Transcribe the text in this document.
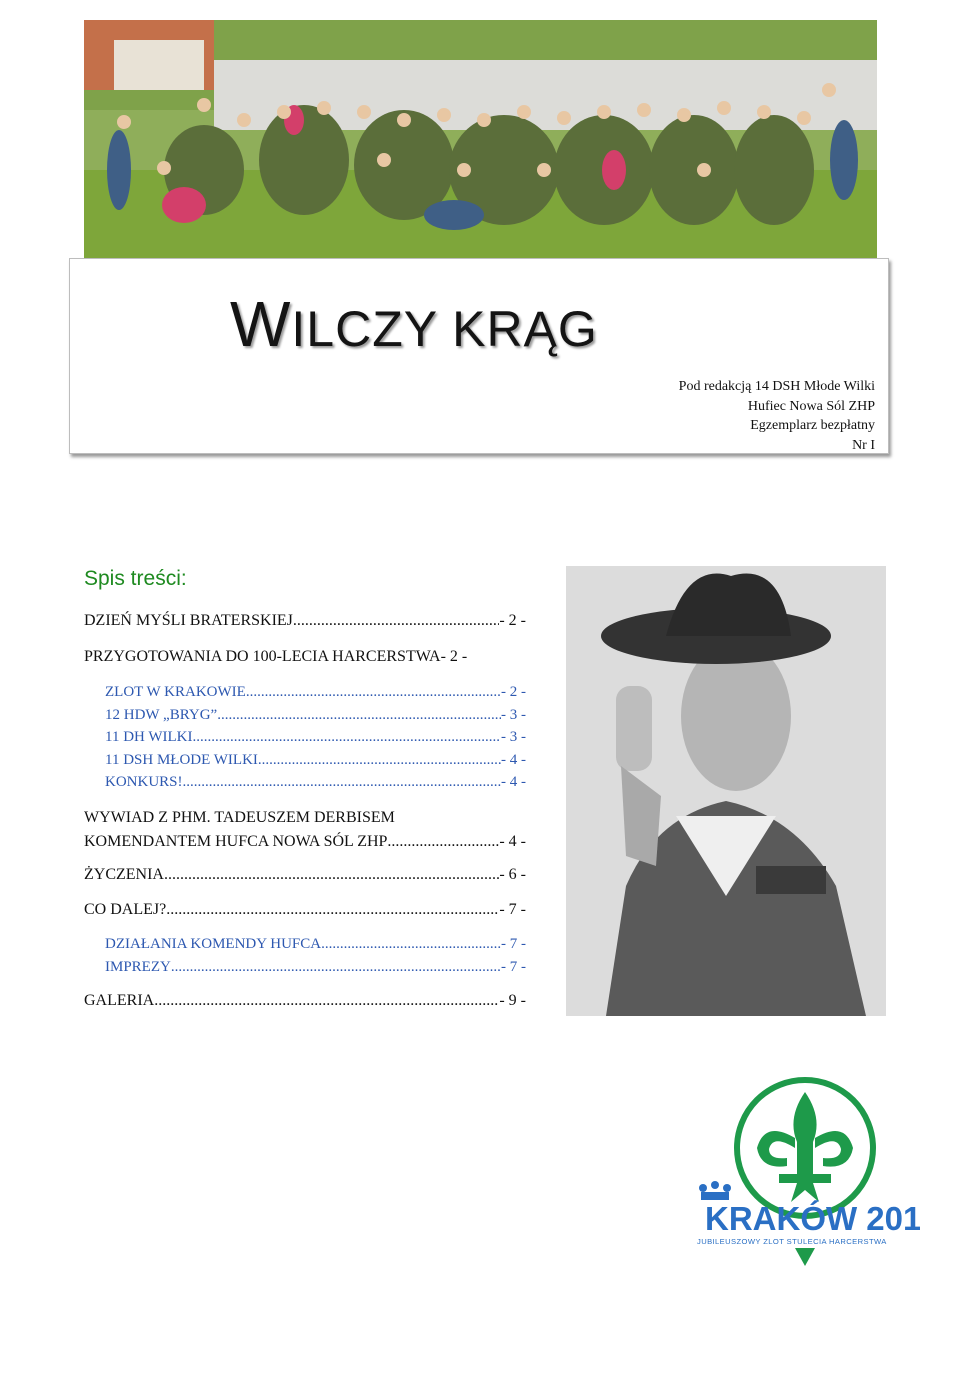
WILCZY KRĄG
Pod redakcją 14 DSH Młode Wilki
Hufiec Nowa Sól ZHP
Egzemplarz bezpłatny
Nr I
Spis treści:
DZIEŃ MYŚLI BRATERSKIEJ .....	- 2 -
PRZYGOTOWANIA DO 100-LECIA HARCERSTWA- 2 -
ZLOT W KRAKOWIE .....	- 2 -
12 HDW „BRYG” .....	- 3 -
11 DH WILKI .....	- 3 -
11 DSH MŁODE WILKI .....	- 4 -
KONKURS! .....	- 4 -
WYWIAD Z PHM. TADEUSZEM DERBISEM
KOMENDANTEM HUFCA NOWA SÓL ZHP .....	- 4 -
ŻYCZENIA .....	- 6 -
CO DALEJ? .....	- 7 -
DZIAŁANIA KOMENDY HUFCA .....	- 7 -
IMPREZY .....	- 7 -
GALERIA .....	- 9 -
KRAKÓW 2010
JUBILEUSZOWY ZLOT STULECIA HARCERSTWA
